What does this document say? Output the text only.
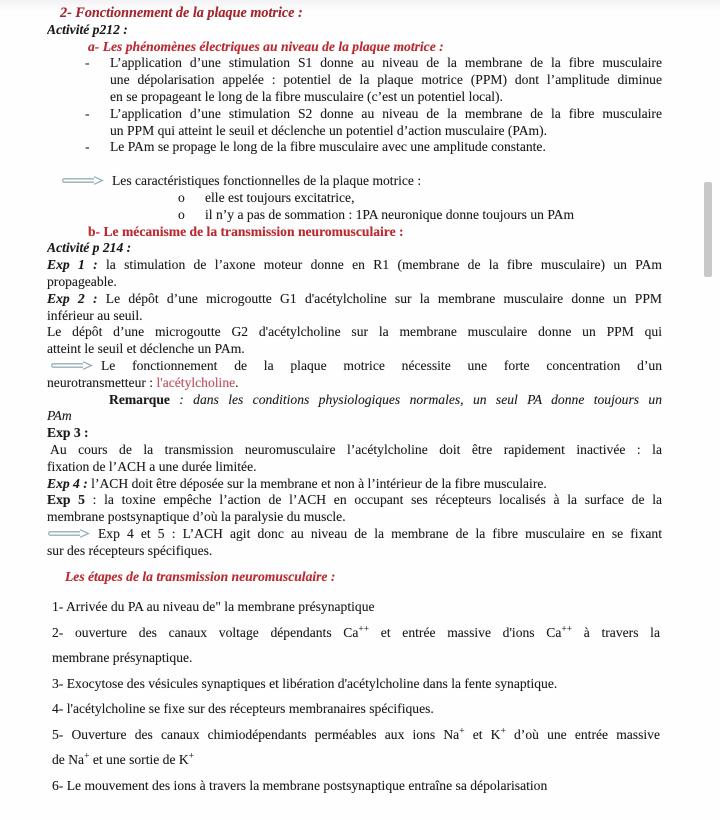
2- Fonctionnement de la plaque motrice :
Activité p212 :
a- Les phénomènes électriques au niveau de la plaque motrice :
-	L’application d’une stimulation S1 donne au niveau de la membrane de la fibre musculaire
une dépolarisation appelée : potentiel de la plaque motrice (PPM) dont l’amplitude diminue
en se propageant le long de la fibre musculaire (c’est un potentiel local).
-	L’application d’une stimulation S2 donne au niveau de la membrane de la fibre musculaire
un PPM qui atteint le seuil et déclenche un potentiel d’action musculaire (PAm).
-	Le PAm se propage le long de la fibre musculaire avec une amplitude constante.
Les caractéristiques fonctionnelles de la plaque motrice :
o	elle est toujours excitatrice,
o	il n’y a pas de sommation : 1PA neuronique donne toujours un PAm
b- Le mécanisme de la transmission neuromusculaire :
Activité p 214 :
Exp 1 : la stimulation de l’axone moteur donne en R1 (membrane de la fibre musculaire) un PAm
propageable.
Exp 2 : Le dépôt d’une microgoutte G1 d'acétylcholine sur la membrane musculaire donne un PPM
inférieur au seuil.
Le dépôt d’une microgoutte G2 d'acétylcholine sur la membrane musculaire donne un PPM qui
atteint le seuil et déclenche un PAm.
Le fonctionnement de la plaque motrice nécessite une forte concentration d’un
neurotransmetteur : l'acétylcholine.
Remarque : dans les conditions physiologiques normales, un seul PA donne toujours un
PAm
Exp 3 :
Au cours de la transmission neuromusculaire l’acétylcholine doit être rapidement inactivée : la
fixation de l’ACH a une durée limitée.
Exp 4 : l’ACH doit être déposée sur la membrane et non à l’intérieur de la fibre musculaire.
Exp 5 : la toxine empêche l’action de l’ACH en occupant ses récepteurs localisés à la surface de la
membrane postsynaptique d’où la paralysie du muscle.
Exp 4 et 5 : L’ACH agit donc au niveau de la membrane de la fibre musculaire en se fixant
sur des récepteurs spécifiques.
Les étapes de la transmission neuromusculaire :
1- Arrivée du PA au niveau de" la membrane présynaptique
2- ouverture des canaux voltage dépendants Ca++ et entrée massive d'ions Ca++ à travers la
membrane présynaptique.
3- Exocytose des vésicules synaptiques et libération d'acétylcholine dans la fente synaptique.
4- l'acétylcholine se fixe sur des récepteurs membranaires spécifiques.
5- Ouverture des canaux chimiodépendants perméables aux ions Na+ et K+ d’où une entrée massive
de Na+ et une sortie de K+
6- Le mouvement des ions à travers la membrane postsynaptique entraîne sa dépolarisation
